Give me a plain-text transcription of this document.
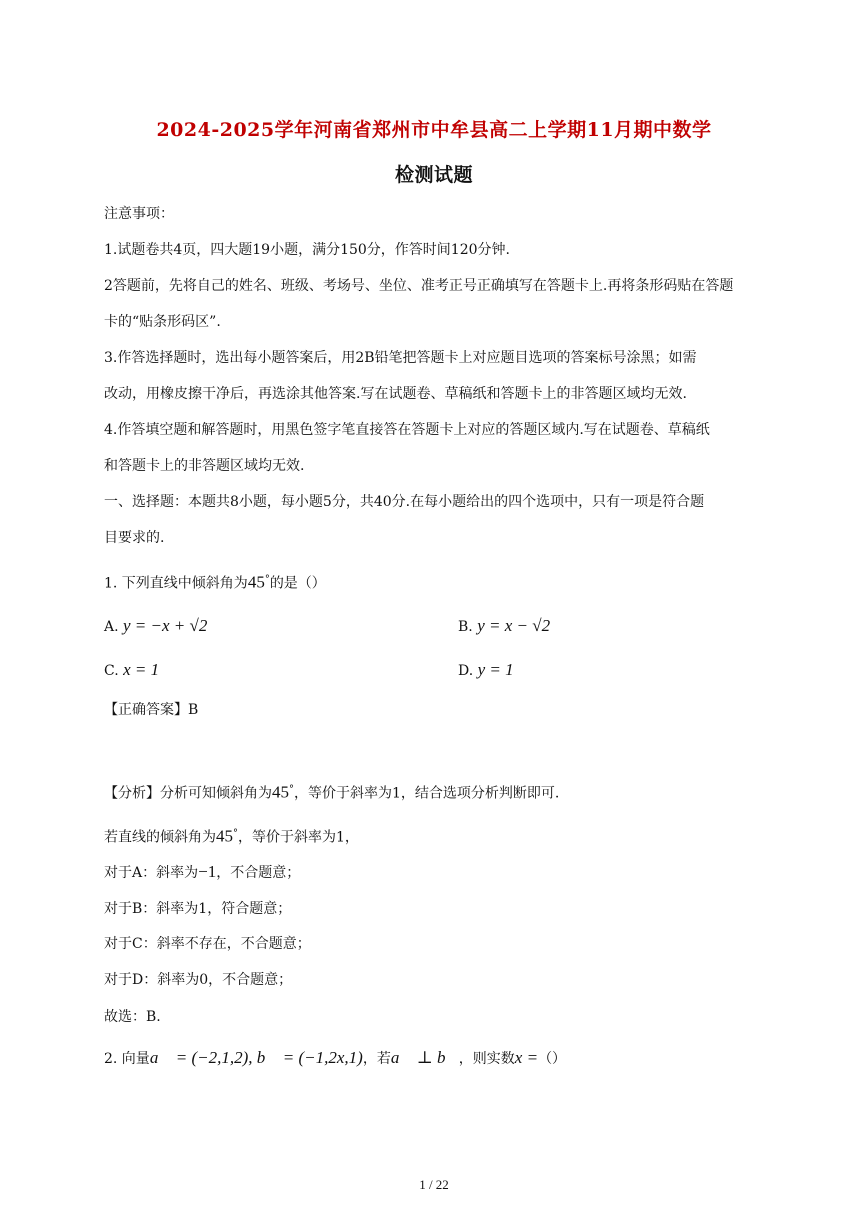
2024-2025学年河南省郑州市中牟县高二上学期11月期中数学
检测试题
注意事项：
1.试题卷共4页，四大题19小题，满分150分，作答时间120分钟.
2答题前，先将自己的姓名、班级、考场号、坐位、准考正号正确填写在答题卡上.再将条形码贴在答题
卡的“贴条形码区”.
3.作答选择题时，选出每小题答案后，用2B铅笔把答题卡上对应题目选项的答案标号涂黑；如需
改动，用橡皮擦干净后，再选涂其他答案.写在试题卷、草稿纸和答题卡上的非答题区域均无效.
4.作答填空题和解答题时，用黑色签字笔直接答在答题卡上对应的答题区域内.写在试题卷、草稿纸
和答题卡上的非答题区域均无效.
一、选择题：本题共8小题，每小题5分，共40分.在每小题给出的四个选项中，只有一项是符合题
目要求的.
1. 下列直线中倾斜角为45°的是（）
A. y = −x + √2	B. y = x − √2
C. x = 1	D. y = 1
【正确答案】B
【分析】分析可知倾斜角为45°，等价于斜率为1，结合选项分析判断即可.
若直线的倾斜角为45°，等价于斜率为1，
对于A：斜率为−1，不合题意；
对于B：斜率为1，符合题意；
对于C：斜率不存在，不合题意；
对于D：斜率为0，不合题意；
故选：B.
2. 向量a⃗ = (−2,1,2), b⃗ = (−1,2x,1)，若a⃗ ⊥ b⃗，则实数x =（）
1 / 22
